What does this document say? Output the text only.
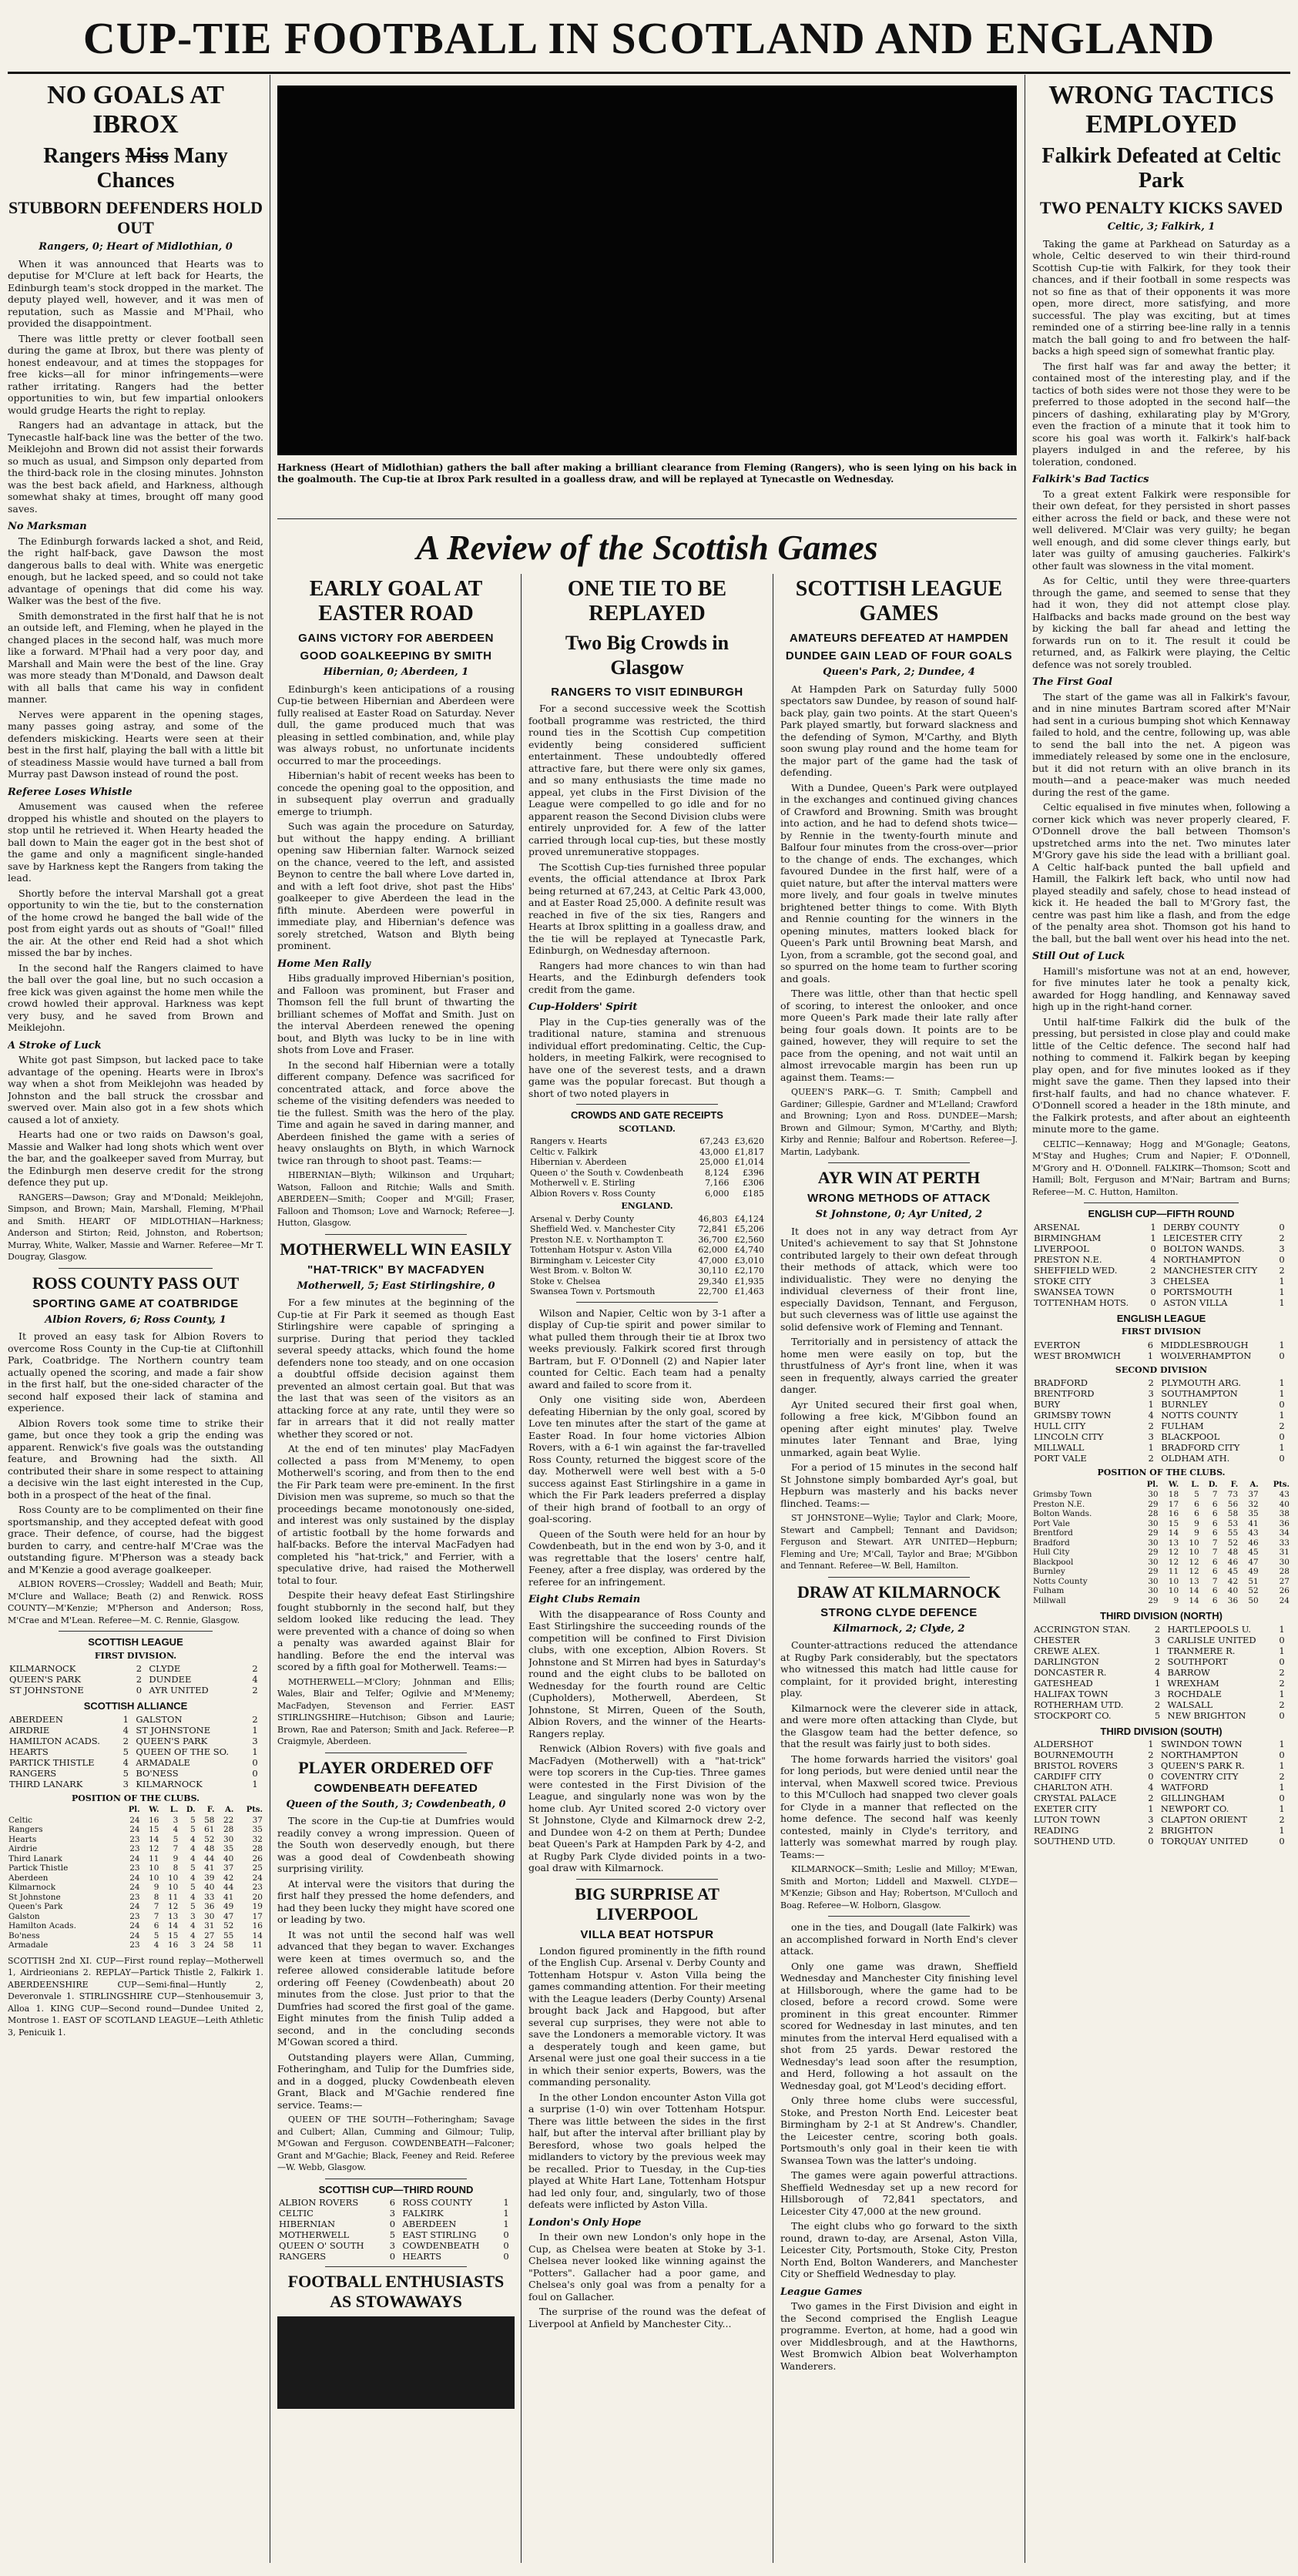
CUP-TIE FOOTBALL IN SCOTLAND AND ENGLAND
Harkness (Heart of Midlothian) gathers the ball after making a brilliant clearance from Fleming (Rangers), who is seen lying on his back in the goalmouth. The Cup-tie at Ibrox Park resulted in a goalless draw, and will be replayed at Tynecastle on Wednesday.
A Review of the Scottish Games
NO GOALS AT IBROX
Rangers Miss Many Chances
STUBBORN DEFENDERS HOLD OUT
Rangers, 0; Heart of Midlothian, 0

When it was announced that Hearts was to deputise for M'Clure at left back for Hearts, the Edinburgh team's stock dropped in the market. The deputy played well, however, and it was men of reputation, such as Massie and M'Phail, who provided the disappointment.

There was little pretty or clever football seen during the game at Ibrox, but there was plenty of honest endeavour, and at times the stoppages for free kicks—all for minor infringements—were rather irritating. Rangers had the better opportunities to win, but few impartial onlookers would grudge Hearts the right to replay.

Rangers had an advantage in attack, but the Tynecastle half-back line was the better of the two. Meiklejohn and Brown did not assist their forwards so much as usual, and Simpson only departed from the third-back role in the closing minutes. Johnston was the best back afield, and Harkness, although somewhat shaky at times, brought off many good saves.

No Marksman

The Edinburgh forwards lacked a shot, and Reid, the right half-back, gave Dawson the most dangerous balls to deal with. White was energetic enough, but he lacked speed, and so could not take advantage of openings that did come his way. Walker was the best of the five.

Smith demonstrated in the first half that he is not an outside left, and Fleming, when he played in the changed places in the second half, was much more like a forward. M'Phail had a very poor day, and Marshall and Main were the best of the line. Gray was more steady than M'Donald, and Dawson dealt with all balls that came his way in confident manner.

Nerves were apparent in the opening stages, many passes going astray, and some of the defenders miskicking. Hearts were seen at their best in the first half, playing the ball with a little bit of steadiness Massie would have turned a ball from Murray past Dawson instead of round the post.

Referee Loses Whistle

Amusement was caused when the referee dropped his whistle and shouted on the players to stop until he retrieved it. When Hearty headed the ball down to Main the eager got in the best shot of the game and only a magnificent single-handed save by Harkness kept the Rangers from taking the lead.

Shortly before the interval Marshall got a great opportunity to win the tie, but to the consternation of the home crowd he banged the ball wide of the post from eight yards out as shouts of "Goal!" filled the air. At the other end Reid had a shot which missed the bar by inches.

In the second half the Rangers claimed to have the ball over the goal line, but no such occasion a free kick was given against the home men while the crowd howled their approval. Harkness was kept very busy, and he saved from Brown and Meiklejohn.

A Stroke of Luck

White got past Simpson, but lacked pace to take advantage of the opening. Hearts were in Ibrox's way when a shot from Meiklejohn was headed by Johnston and the ball struck the crossbar and swerved over. Main also got in a few shots which caused a lot of anxiety.

Hearts had one or two raids on Dawson's goal, Massie and Walker had long shots which went over the bar, and the goalkeeper saved from Murray, but the Edinburgh men deserve credit for the strong defence they put up.

RANGERS—Dawson; Gray and M'Donald; Meiklejohn, Simpson, and Brown; Main, Marshall, Fleming, M'Phail and Smith. HEART OF MIDLOTHIAN—Harkness; Anderson and Stirton; Reid, Johnston, and Robertson; Murray, White, Walker, Massie and Warner. Referee—Mr T. Dougray, Glasgow.

ROSS COUNTY PASS OUT
SPORTING GAME AT COATBRIDGE
Albion Rovers, 6; Ross County, 1

It proved an easy task for Albion Rovers to overcome Ross County in the Cup-tie at Cliftonhill Park, Coatbridge. The Northern country team actually opened the scoring, and made a fair show in the first half, but the one-sided character of the second half exposed their lack of stamina and experience.

Albion Rovers took some time to strike their game, but once they took a grip the ending was apparent. Renwick's five goals was the outstanding feature, and Browning had the sixth. All contributed their share in some respect to attaining a decisive win the last eight interested in the Cup, both in a prospect of the heat of the final.

Ross County are to be complimented on their fine sportsmanship, and they accepted defeat with good grace. Their defence, of course, had the biggest burden to carry, and centre-half M'Crae was the outstanding figure. M'Pherson was a steady back and M'Kenzie a good average goalkeeper.

ALBION ROVERS—Crossley; Waddell and Beath; Muir, M'Clure and Wallace; Beath (2) and Renwick. ROSS COUNTY—M'Kenzie; M'Pherson and Anderson; Ross, M'Crae and M'Lean. Referee—M. C. Rennie, Glasgow.

SCOTTISH LEAGUE
FIRST DIVISION.
KILMARNOCK	2	CLYDE	2
QUEEN'S PARK	2	DUNDEE	4
ST JOHNSTONE	0	AYR UNITED	2
SCOTTISH ALLIANCE
ABERDEEN	1	GALSTON	2
AIRDRIE	4	ST JOHNSTONE	1
HAMILTON ACADS.	2	QUEEN'S PARK	3
HEARTS	5	QUEEN OF THE SO.	1
PARTICK THISTLE	4	ARMADALE	0
RANGERS	5	BO'NESS	0
THIRD LANARK	3	KILMARNOCK	1
POSITION OF THE CLUBS.
	Pl.	W.	L.	D.	F.	A.	Pts.
Celtic	24	16	3	5	58	22	37
Rangers	24	15	4	5	61	28	35
Hearts	23	14	5	4	52	30	32
Airdrie	23	12	7	4	48	35	28
Third Lanark	24	11	9	4	44	40	26
Partick Thistle	23	10	8	5	41	37	25
Aberdeen	24	10	10	4	39	42	24
Kilmarnock	24	9	10	5	40	44	23
St Johnstone	23	8	11	4	33	41	20
Queen's Park	24	7	12	5	36	49	19
Galston	23	7	13	3	30	47	17
Hamilton Acads.	24	6	14	4	31	52	16
Bo'ness	24	5	15	4	27	55	14
Armadale	23	4	16	3	24	58	11

SCOTTISH 2nd XI. CUP—First round replay—Motherwell 1, Airdrieonians 2. REPLAY—Partick Thistle 2, Falkirk 1. ABERDEENSHIRE CUP—Semi-final—Huntly 2, Deveronvale 1. STIRLINGSHIRE CUP—Stenhousemuir 3, Alloa 1. KING CUP—Second round—Dundee United 2, Montrose 1. EAST OF SCOTLAND LEAGUE—Leith Athletic 3, Penicuik 1.

EARLY GOAL AT EASTER ROAD
GAINS VICTORY FOR ABERDEEN
GOOD GOALKEEPING BY SMITH
Hibernian, 0; Aberdeen, 1

Edinburgh's keen anticipations of a rousing Cup-tie between Hibernian and Aberdeen were fully realised at Easter Road on Saturday. Never dull, the game produced much that was pleasing in settled combination, and, while play was always robust, no unfortunate incidents occurred to mar the proceedings.

Hibernian's habit of recent weeks has been to concede the opening goal to the opposition, and in subsequent play overrun and gradually emerge to triumph.

Such was again the procedure on Saturday, but without the happy ending. A brilliant opening saw Hibernian falter. Warnock seized on the chance, veered to the left, and assisted Beynon to centre the ball where Love darted in, and with a left foot drive, shot past the Hibs' goalkeeper to give Aberdeen the lead in the fifth minute. Aberdeen were powerful in immediate play, and Hibernian's defence was sorely stretched, Watson and Blyth being prominent.

Home Men Rally

Hibs gradually improved Hibernian's position, and Falloon was prominent, but Fraser and Thomson fell the full brunt of thwarting the brilliant schemes of Moffat and Smith. Just on the interval Aberdeen renewed the opening bout, and Blyth was lucky to be in line with shots from Love and Fraser.

In the second half Hibernian were a totally different company. Defence was sacrificed for concentrated attack, and force above the scheme of the visiting defenders was needed to tie the fullest. Smith was the hero of the play. Time and again he saved in daring manner, and Aberdeen finished the game with a series of heavy onslaughts on Blyth, in which Warnock twice ran through to shoot past. Teams:—

HIBERNIAN—Blyth; Wilkinson and Urquhart; Watson, Falloon and Ritchie; Walls and Smith. ABERDEEN—Smith; Cooper and M'Gill; Fraser, Falloon and Thomson; Love and Warnock; Referee—J. Hutton, Glasgow.

MOTHERWELL WIN EASILY
"HAT-TRICK" BY MACFADYEN
Motherwell, 5; East Stirlingshire, 0

For a few minutes at the beginning of the Cup-tie at Fir Park it seemed as though East Stirlingshire were capable of springing a surprise. During that period they tackled several speedy attacks, which found the home defenders none too steady, and on one occasion a doubtful offside decision against them prevented an almost certain goal. But that was the last that was seen of the visitors as an attacking force at any rate, until they were so far in arrears that it did not really matter whether they scored or not.

At the end of ten minutes' play MacFadyen collected a pass from M'Menemy, to open Motherwell's scoring, and from then to the end the Fir Park team were pre-eminent. In the first Division men was supreme, so much so that the proceedings became monotonously one-sided, and interest was only sustained by the display of artistic football by the home forwards and half-backs. Before the interval MacFadyen had completed his "hat-trick," and Ferrier, with a speculative drive, had raised the Motherwell total to four.

Despite their heavy defeat East Stirlingshire fought stubbornly in the second half, but they seldom looked like reducing the lead. They were prevented with a chance of doing so when a penalty was awarded against Blair for handling. Before the end the interval was scored by a fifth goal for Motherwell. Teams:—

MOTHERWELL—M'Clory; Johnman and Ellis; Wales, Blair and Telfer; Ogilvie and M'Menemy; MacFadyen, Stevenson and Ferrier. EAST STIRLINGSHIRE—Hutchison; Gibson and Laurie; Brown, Rae and Paterson; Smith and Jack. Referee—P. Craigmyle, Aberdeen.

PLAYER ORDERED OFF
COWDENBEATH DEFEATED
Queen of the South, 3; Cowdenbeath, 0

The score in the Cup-tie at Dumfries would readily convey a wrong impression. Queen of the South won deservedly enough, but there was a good deal of Cowdenbeath showing surprising virility.

At interval were the visitors that during the first half they pressed the home defenders, and had they been lucky they might have scored one or leading by two.

It was not until the second half was well advanced that they began to waver. Exchanges were keen at times overmuch so, and the referee allowed considerable latitude before ordering off Feeney (Cowdenbeath) about 20 minutes from the close. Just prior to that the Dumfries had scored the first goal of the game. Eight minutes from the finish Tulip added a second, and in the concluding seconds M'Gowan scored a third.

Outstanding players were Allan, Cumming, Fotheringham, and Tulip for the Dumfries side, and in a dogged, plucky Cowdenbeath eleven Grant, Black and M'Gachie rendered fine service. Teams:—

QUEEN OF THE SOUTH—Fotheringham; Savage and Culbert; Allan, Cumming and Gilmour; Tulip, M'Gowan and Ferguson. COWDENBEATH—Falconer; Grant and M'Gachie; Black, Feeney and Reid. Referee—W. Webb, Glasgow.

SCOTTISH CUP—THIRD ROUND
ALBION ROVERS	6	ROSS COUNTY	1
CELTIC	3	FALKIRK	1
HIBERNIAN	0	ABERDEEN	1
MOTHERWELL	5	EAST STIRLING	0
QUEEN O' SOUTH	3	COWDENBEATH	0
RANGERS	0	HEARTS	0
FOOTBALL ENTHUSIASTS AS STOWAWAYS
ONE TIE TO BE REPLAYED
Two Big Crowds in Glasgow
RANGERS TO VISIT EDINBURGH

For a second successive week the Scottish football programme was restricted, the third round ties in the Scottish Cup competition evidently being considered sufficient entertainment. These undoubtedly offered attractive fare, but there were only six games, and so many enthusiasts the time made no appeal, yet clubs in the First Division of the League were compelled to go idle and for no apparent reason the Second Division clubs were entirely unprovided for. A few of the latter carried through local cup-ties, but these mostly proved unremunerative stoppages.

The Scottish Cup-ties furnished three popular events, the official attendance at Ibrox Park being returned at 67,243, at Celtic Park 43,000, and at Easter Road 25,000. A definite result was reached in five of the six ties, Rangers and Hearts at Ibrox splitting in a goalless draw, and the tie will be replayed at Tynecastle Park, Edinburgh, on Wednesday afternoon.

Rangers had more chances to win than had Hearts, and the Edinburgh defenders took credit from the game.

Cup-Holders' Spirit

Play in the Cup-ties generally was of the traditional nature, stamina and strenuous individual effort predominating. Celtic, the Cup-holders, in meeting Falkirk, were recognised to have one of the severest tests, and a drawn game was the popular forecast. But though a short of two noted players in

CROWDS AND GATE RECEIPTS
SCOTLAND.
Rangers v. Hearts	67,243	£3,620
Celtic v. Falkirk	43,000	£1,817
Hibernian v. Aberdeen	25,000	£1,014
Queen o' the South v. Cowdenbeath	8,124	£396
Motherwell v. E. Stirling	7,166	£306
Albion Rovers v. Ross County	6,000	£185
ENGLAND.
Arsenal v. Derby County	46,803	£4,124
Sheffield Wed. v. Manchester City	72,841	£5,206
Preston N.E. v. Northampton T.	36,700	£2,560
Tottenham Hotspur v. Aston Villa	62,000	£4,740
Birmingham v. Leicester City	47,000	£3,010
West Brom. v. Bolton W.	30,110	£2,170
Stoke v. Chelsea	29,340	£1,935
Swansea Town v. Portsmouth	22,700	£1,463

Wilson and Napier, Celtic won by 3-1 after a display of Cup-tie spirit and power similar to what pulled them through their tie at Ibrox two weeks previously. Falkirk scored first through Bartram, but F. O'Donnell (2) and Napier later counted for Celtic. Each team had a penalty award and failed to score from it.

Only one visiting side won, Aberdeen defeating Hibernian by the only goal, scored by Love ten minutes after the start of the game at Easter Road. In four home victories Albion Rovers, with a 6-1 win against the far-travelled Ross County, returned the biggest score of the day. Motherwell were well best with a 5-0 success against East Stirlingshire in a game in which the Fir Park leaders preferred a display of their high brand of football to an orgy of goal-scoring.

Queen of the South were held for an hour by Cowdenbeath, but in the end won by 3-0, and it was regrettable that the losers' centre half, Feeney, after a free display, was ordered by the referee for an infringement.

Eight Clubs Remain

With the disappearance of Ross County and East Stirlingshire the succeeding rounds of the competition will be confined to First Division clubs, with one exception, Albion Rovers. St Johnstone and St Mirren had byes in Saturday's round and the eight clubs to be balloted on Wednesday for the fourth round are Celtic (Cupholders), Motherwell, Aberdeen, St Johnstone, St Mirren, Queen of the South, Albion Rovers, and the winner of the Hearts-Rangers replay.

Renwick (Albion Rovers) with five goals and MacFadyen (Motherwell) with a "hat-trick" were top scorers in the Cup-ties. Three games were contested in the First Division of the League, and singularly none was won by the home club. Ayr United scored 2-0 victory over St Johnstone, Clyde and Kilmarnock drew 2-2, and Dundee won 4-2 on them at Perth; Dundee beat Queen's Park at Hampden Park by 4-2, and at Rugby Park Clyde divided points in a two-goal draw with Kilmarnock.

BIG SURPRISE AT LIVERPOOL
VILLA BEAT HOTSPUR

London figured prominently in the fifth round of the English Cup. Arsenal v. Derby County and Tottenham Hotspur v. Aston Villa being the games commanding attention. For their meeting with the League leaders (Derby County) Arsenal brought back Jack and Hapgood, but after several cup surprises, they were not able to save the Londoners a memorable victory. It was a desperately tough and keen game, but Arsenal were just one goal their success in a tie in which their senior experts, Bowers, was the commanding personality.

In the other London encounter Aston Villa got a surprise (1-0) win over Tottenham Hotspur. There was little between the sides in the first half, but after the interval after brilliant play by Beresford, whose two goals helped the midlanders to victory by the previous week may be recalled. Prior to Tuesday, in the Cup-ties played at White Hart Lane, Tottenham Hotspur had led only four, and, singularly, two of those defeats were inflicted by Aston Villa.

London's Only Hope

In their own new London's only hope in the Cup, as Chelsea were beaten at Stoke by 3-1. Chelsea never looked like winning against the "Potters". Gallacher had a poor game, and Chelsea's only goal was from a penalty for a foul on Gallacher.

The surprise of the round was the defeat of Liverpool at Anfield by Manchester City...

SCOTTISH LEAGUE GAMES
AMATEURS DEFEATED AT HAMPDEN
DUNDEE GAIN LEAD OF FOUR GOALS
Queen's Park, 2; Dundee, 4

At Hampden Park on Saturday fully 5000 spectators saw Dundee, by reason of sound half-back play, gain two points. At the start Queen's Park played smartly, but forward slackness and the defending of Symon, M'Carthy, and Blyth soon swung play round and the home team for the major part of the game had the task of defending.

With a Dundee, Queen's Park were outplayed in the exchanges and continued giving chances of Crawford and Browning. Smith was brought into action, and he had to defend shots twice—by Rennie in the twenty-fourth minute and Balfour four minutes from the cross-over—prior to the change of ends. The exchanges, which favoured Dundee in the first half, were of a quiet nature, but after the interval matters were more lively, and four goals in twelve minutes brightened better things to come. With Blyth and Rennie counting for the winners in the opening minutes, matters looked black for Queen's Park until Browning beat Marsh, and Lyon, from a scramble, got the second goal, and so spurred on the home team to further scoring and goals.

There was little, other than that hectic spell of scoring, to interest the onlooker, and once more Queen's Park made their late rally after being four goals down. It points are to be gained, however, they will require to set the pace from the opening, and not wait until an almost irrevocable margin has been run up against them. Teams:—

QUEEN'S PARK—G. T. Smith; Campbell and Gardiner; Gillespie, Gardner and M'Lelland; Crawford and Browning; Lyon and Ross. DUNDEE—Marsh; Brown and Gilmour; Symon, M'Carthy, and Blyth; Kirby and Rennie; Balfour and Robertson. Referee—J. Martin, Ladybank.

AYR WIN AT PERTH
WRONG METHODS OF ATTACK
St Johnstone, 0; Ayr United, 2

It does not in any way detract from Ayr United's achievement to say that St Johnstone contributed largely to their own defeat through their methods of attack, which were too individualistic. They were no denying the individual cleverness of their front line, especially Davidson, Tennant, and Ferguson, but such cleverness was of little use against the solid defensive work of Fleming and Tennant.

Territorially and in persistency of attack the home men were easily on top, but the thrustfulness of Ayr's front line, when it was seen in frequently, always carried the greater danger.

Ayr United secured their first goal when, following a free kick, M'Gibbon found an opening after eight minutes' play. Twelve minutes later Tennant and Brae, lying unmarked, again beat Wylie.

For a period of 15 minutes in the second half St Johnstone simply bombarded Ayr's goal, but Hepburn was masterly and his backs never flinched. Teams:—

ST JOHNSTONE—Wylie; Taylor and Clark; Moore, Stewart and Campbell; Tennant and Davidson; Ferguson and Stewart. AYR UNITED—Hepburn; Fleming and Ure; M'Call, Taylor and Brae; M'Gibbon and Tennant. Referee—W. Bell, Hamilton.

DRAW AT KILMARNOCK
STRONG CLYDE DEFENCE
Kilmarnock, 2; Clyde, 2

Counter-attractions reduced the attendance at Rugby Park considerably, but the spectators who witnessed this match had little cause for complaint, for it provided bright, interesting play.

Kilmarnock were the cleverer side in attack, and were more often attacking than Clyde, but the Glasgow team had the better defence, so that the result was fairly just to both sides.

The home forwards harried the visitors' goal for long periods, but were denied until near the interval, when Maxwell scored twice. Previous to this M'Culloch had snapped two clever goals for Clyde in a manner that reflected on the home defence. The second half was keenly contested, mainly in Clyde's territory, and latterly was somewhat marred by rough play. Teams:—

KILMARNOCK—Smith; Leslie and Milloy; M'Ewan, Smith and Morton; Liddell and Maxwell. CLYDE—M'Kenzie; Gibson and Hay; Robertson, M'Culloch and Boag. Referee—W. Holborn, Glasgow.

one in the ties, and Dougall (late Falkirk) was an accomplished forward in North End's clever attack.

Only one game was drawn, Sheffield Wednesday and Manchester City finishing level at Hillsborough, where the game had to be closed, before a record crowd. Some were prominent in this great encounter. Rimmer scored for Wednesday in last minutes, and ten minutes from the interval Herd equalised with a shot from 25 yards. Dewar restored the Wednesday's lead soon after the resumption, and Herd, following a hot assault on the Wednesday goal, got M'Leod's deciding effort.

Only three home clubs were successful, Stoke, and Preston North End. Leicester beat Birmingham by 2-1 at St Andrew's. Chandler, the Leicester centre, scoring both goals. Portsmouth's only goal in their keen tie with Swansea Town was the latter's undoing.

The games were again powerful attractions. Sheffield Wednesday set up a new record for Hillsborough of 72,841 spectators, and Leicester City 47,000 at the new ground.

The eight clubs who go forward to the sixth round, drawn to-day, are Arsenal, Aston Villa, Leicester City, Portsmouth, Stoke City, Preston North End, Bolton Wanderers, and Manchester City or Sheffield Wednesday to play.

League Games

Two games in the First Division and eight in the Second comprised the English League programme. Everton, at home, had a good win over Middlesbrough, and at the Hawthorns, West Bromwich Albion beat Wolverhampton Wanderers.

WRONG TACTICS EMPLOYED
Falkirk Defeated at Celtic Park
TWO PENALTY KICKS SAVED
Celtic, 3; Falkirk, 1

Taking the game at Parkhead on Saturday as a whole, Celtic deserved to win their third-round Scottish Cup-tie with Falkirk, for they took their chances, and if their football in some respects was not so fine as that of their opponents it was more open, more direct, more satisfying, and more successful. The play was exciting, but at times reminded one of a stirring bee-line rally in a tennis match the ball going to and fro between the half-backs a high speed sign of somewhat frantic play.

The first half was far and away the better; it contained most of the interesting play, and if the tactics of both sides were not those they were to be preferred to those adopted in the second half—the pincers of dashing, exhilarating play by M'Grory, even the fraction of a minute that it took him to score his goal was worth it. Falkirk's half-back players indulged in and the referee, by his toleration, condoned.

Falkirk's Bad Tactics

To a great extent Falkirk were responsible for their own defeat, for they persisted in short passes either across the field or back, and these were not well delivered. M'Clair was very guilty; he began well enough, and did some clever things early, but later was guilty of amusing gaucheries. Falkirk's other fault was slowness in the vital moment.

As for Celtic, until they were three-quarters through the game, and seemed to sense that they had it won, they did not attempt close play. Halfbacks and backs made ground on the best way by kicking the ball far ahead and letting the forwards run on to it. The result it could be returned, and, as Falkirk were playing, the Celtic defence was not sorely troubled.

The First Goal

The start of the game was all in Falkirk's favour, and in nine minutes Bartram scored after M'Nair had sent in a curious bumping shot which Kennaway failed to hold, and the centre, following up, was able to send the ball into the net. A pigeon was immediately released by some one in the enclosure, but it did not return with an olive branch in its mouth—and a peace-maker was much needed during the rest of the game.

Celtic equalised in five minutes when, following a corner kick which was never properly cleared, F. O'Donnell drove the ball between Thomson's upstretched arms into the net. Two minutes later M'Grory gave his side the lead with a brilliant goal. A Celtic half-back punted the ball upfield and Hamill, the Falkirk left back, who until now had played steadily and safely, chose to head instead of kick it. He headed the ball to M'Grory fast, the centre was past him like a flash, and from the edge of the penalty area shot. Thomson got his hand to the ball, but the ball went over his head into the net.

Still Out of Luck

Hamill's misfortune was not at an end, however, for five minutes later he took a penalty kick, awarded for Hogg handling, and Kennaway saved high up in the right-hand corner.

Until half-time Falkirk did the bulk of the pressing, but persisted in close play and could make little of the Celtic defence. The second half had nothing to commend it. Falkirk began by keeping play open, and for five minutes looked as if they might save the game. Then they lapsed into their first-half faults, and had no chance whatever. F. O'Donnell scored a header in the 18th minute, and the Falkirk protests, and after about an eighteenth minute more to the game.

CELTIC—Kennaway; Hogg and M'Gonagle; Geatons, M'Stay and Hughes; Crum and Napier; F. O'Donnell, M'Grory and H. O'Donnell. FALKIRK—Thomson; Scott and Hamill; Bolt, Ferguson and M'Nair; Bartram and Burns; Referee—M. C. Hutton, Hamilton.

ENGLISH CUP—FIFTH ROUND
ARSENAL	1	DERBY COUNTY	0
BIRMINGHAM	1	LEICESTER CITY	2
LIVERPOOL	0	BOLTON WANDS.	3
PRESTON N.E.	4	NORTHAMPTON	0
SHEFFIELD WED.	2	MANCHESTER CITY	2
STOKE CITY	3	CHELSEA	1
SWANSEA TOWN	0	PORTSMOUTH	1
TOTTENHAM HOTS.	0	ASTON VILLA	1
ENGLISH LEAGUE
FIRST DIVISION
EVERTON	6	MIDDLESBROUGH	1
WEST BROMWICH	1	WOLVERHAMPTON	0
SECOND DIVISION
BRADFORD	2	PLYMOUTH ARG.	1
BRENTFORD	3	SOUTHAMPTON	1
BURY	1	BURNLEY	0
GRIMSBY TOWN	4	NOTTS COUNTY	1
HULL CITY	2	FULHAM	2
LINCOLN CITY	3	BLACKPOOL	0
MILLWALL	1	BRADFORD CITY	1
PORT VALE	2	OLDHAM ATH.	0
POSITION OF THE CLUBS.
	Pl.	W.	L.	D.	F.	A.	Pts.
Grimsby Town	30	18	5	7	73	37	43
Preston N.E.	29	17	6	6	56	32	40
Bolton Wands.	28	16	6	6	58	35	38
Port Vale	30	15	9	6	53	41	36
Brentford	29	14	9	6	55	43	34
Bradford	30	13	10	7	52	46	33
Hull City	29	12	10	7	48	45	31
Blackpool	30	12	12	6	46	47	30
Burnley	29	11	12	6	45	49	28
Notts County	30	10	13	7	42	51	27
Fulham	30	10	14	6	40	52	26
Millwall	29	9	14	6	36	50	24
THIRD DIVISION (NORTH)
ACCRINGTON STAN.	2	HARTLEPOOLS U.	1
CHESTER	3	CARLISLE UNITED	0
CREWE ALEX.	1	TRANMERE R.	1
DARLINGTON	2	SOUTHPORT	0
DONCASTER R.	4	BARROW	2
GATESHEAD	1	WREXHAM	2
HALIFAX TOWN	3	ROCHDALE	1
ROTHERHAM UTD.	2	WALSALL	2
STOCKPORT CO.	5	NEW BRIGHTON	0
THIRD DIVISION (SOUTH)
ALDERSHOT	1	SWINDON TOWN	1
BOURNEMOUTH	2	NORTHAMPTON	0
BRISTOL ROVERS	3	QUEEN'S PARK R.	1
CARDIFF CITY	0	COVENTRY CITY	2
CHARLTON ATH.	4	WATFORD	1
CRYSTAL PALACE	2	GILLINGHAM	0
EXETER CITY	1	NEWPORT CO.	1
LUTON TOWN	3	CLAPTON ORIENT	2
READING	2	BRIGHTON	1
SOUTHEND UTD.	0	TORQUAY UNITED	0
